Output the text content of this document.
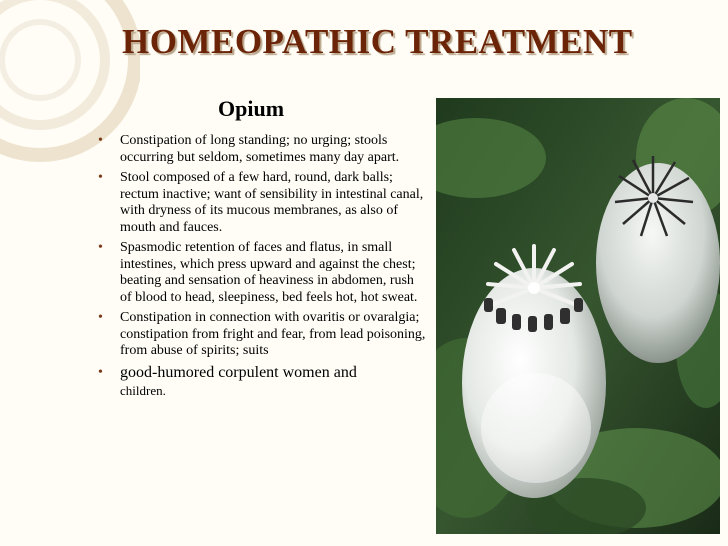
HOMEOPATHIC TREATMENT
Opium
• Constipation of long standing; no urging; stools occurring but seldom, sometimes many day apart.
• Stool composed of a few hard, round, dark balls; rectum inactive; want of sensibility in intestinal canal, with dryness of its mucous membranes, as also of mouth and fauces.
• Spasmodic retention of faces and flatus, in small intestines, which press upward and against the chest; beating and sensation of heaviness in abdomen, rush of blood to head, sleepiness, bed feels hot, hot sweat.
• Constipation in connection with ovaritis or ovaralgia; constipation from fright and fear, from lead poisoning, from abuse of spirits; suits
• good-humored corpulent women and
children.
